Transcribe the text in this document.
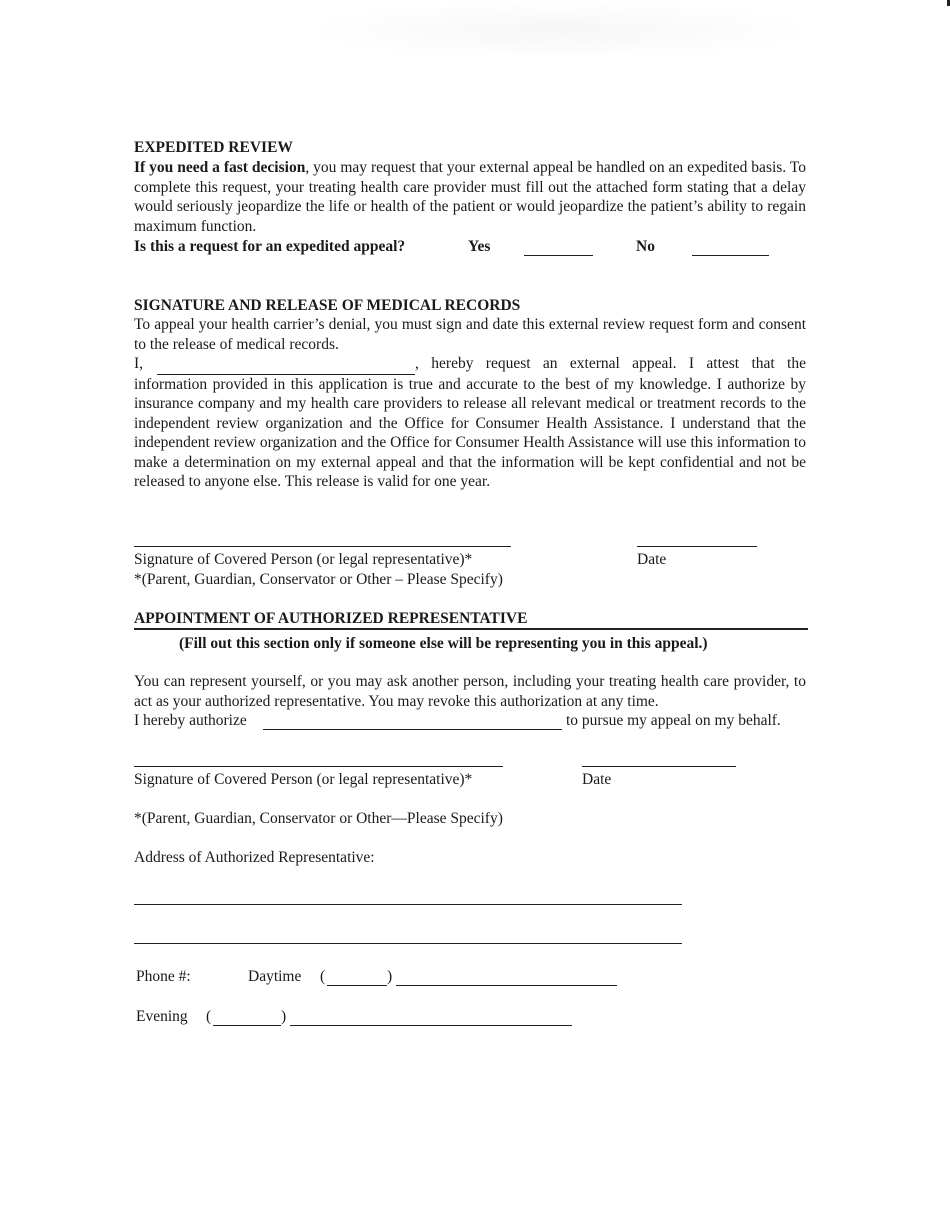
EXPEDITED REVIEW

If you need a fast decision, you may request that your external appeal be handled on an expedited basis. To complete this request, your treating health care provider must fill out the attached form stating that a delay would seriously jeopardize the life or health of the patient or would jeopardize the patient’s ability to regain maximum function.

Is this a request for an expedited appeal?	Yes	No
SIGNATURE AND RELEASE OF MEDICAL RECORDS
To appeal your health carrier’s denial, you must sign and date this external review request form and consent to the release of medical records.

I,	, hereby request an external appeal. I attest that the information provided in this application is true and accurate to the best of my knowledge. I authorize by insurance company and my health care providers to release all relevant medical or treatment records to the independent review organization and the Office for Consumer Health Assistance. I understand that the independent review organization and the Office for Consumer Health Assistance will use this information to make a determination on my external appeal and that the information will be kept confidential and not be released to anyone else. This release is valid for one year.

Signature of Covered Person (or legal representative)*	Date
*(Parent, Guardian, Conservator or Other – Please Specify)
APPOINTMENT OF AUTHORIZED REPRESENTATIVE
(Fill out this section only if someone else will be representing you in this appeal.)
You can represent yourself, or you may ask another person, including your treating health care provider, to act as your authorized representative. You may revoke this authorization at any time.
I hereby authorize	to pursue my appeal on my behalf.
Signature of Covered Person (or legal representative)*	Date
*(Parent, Guardian, Conservator or Other—Please Specify)
Address of Authorized Representative:
Phone #:	Daytime (	)
Evening (	)
